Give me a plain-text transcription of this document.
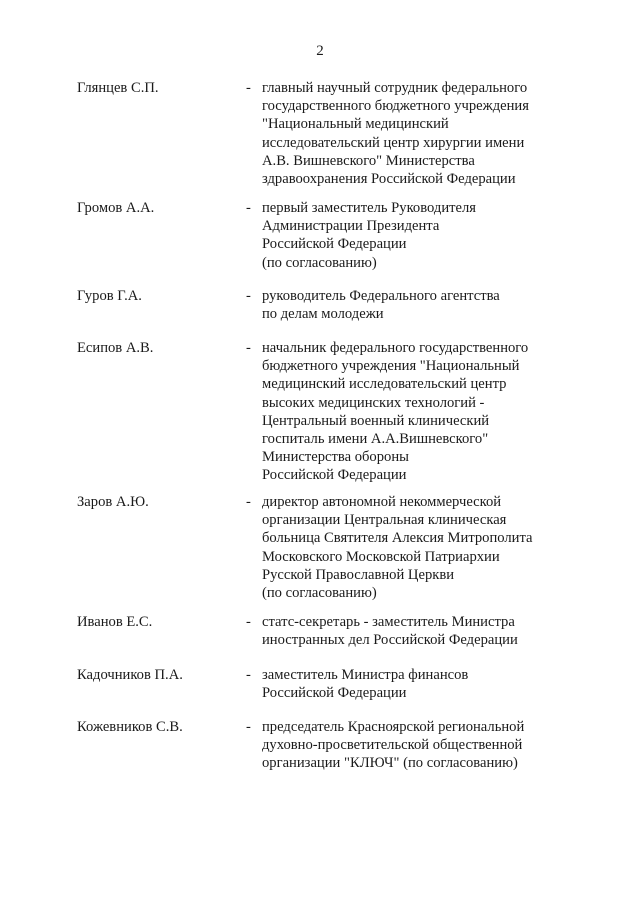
2
Глянцев С.П.	- главный научный сотрудник федерального
государственного бюджетного учреждения
"Национальный медицинский
исследовательский центр хирургии имени
А.В. Вишневского" Министерства
здравоохранения Российской Федерации
Громов А.А.	- первый заместитель Руководителя
Администрации Президента
Российской Федерации
(по согласованию)
Гуров Г.А.	- руководитель Федерального агентства
по делам молодежи
Есипов А.В.	- начальник федерального государственного
бюджетного учреждения "Национальный
медицинский исследовательский центр
высоких медицинских технологий -
Центральный военный клинический
госпиталь имени А.А.Вишневского"
Министерства обороны
Российской Федерации
Заров А.Ю.	- директор автономной некоммерческой
организации Центральная клиническая
больница Святителя Алексия Митрополита
Московского Московской Патриархии
Русской Православной Церкви
(по согласованию)
Иванов Е.С.	- статс-секретарь - заместитель Министра
иностранных дел Российской Федерации
Кадочников П.А.	- заместитель Министра финансов
Российской Федерации
Кожевников С.В.	- председатель Красноярской региональной
духовно-просветительской общественной
организации "КЛЮЧ" (по согласованию)
